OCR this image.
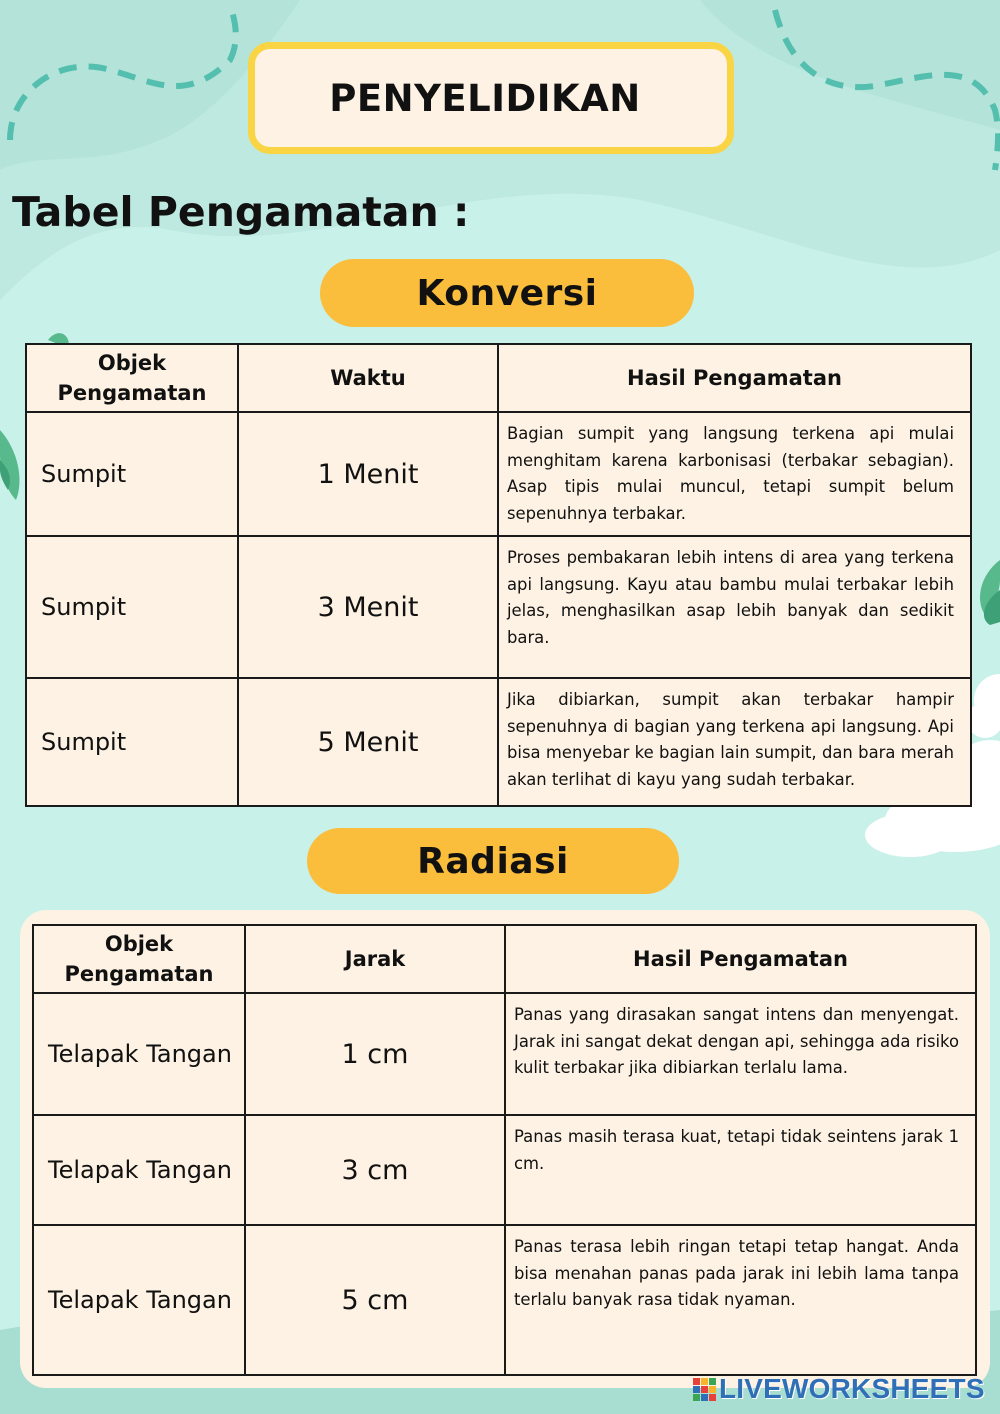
PENYELIDIKAN
Tabel Pengamatan :
Konversi
Objek
Pengamatan	Waktu	Hasil Pengamatan
Sumpit	1 Menit	Bagian sumpit yang langsung terkena api mulai menghitam karena karbonisasi (terbakar sebagian). Asap tipis mulai muncul, tetapi sumpit belum sepenuhnya terbakar.
Sumpit	3 Menit	Proses pembakaran lebih intens di area yang terkena api langsung. Kayu atau bambu mulai terbakar lebih jelas, menghasilkan asap lebih banyak dan sedikit bara.
Sumpit	5 Menit	Jika dibiarkan, sumpit akan terbakar hampir sepenuhnya di bagian yang terkena api langsung. Api bisa menyebar ke bagian lain sumpit, dan bara merah akan terlihat di kayu yang sudah terbakar.
Radiasi
Objek
Pengamatan	Jarak	Hasil Pengamatan
Telapak Tangan	1 cm	Panas yang dirasakan sangat intens dan menyengat. Jarak ini sangat dekat dengan api, sehingga ada risiko kulit terbakar jika dibiarkan terlalu lama.
Telapak Tangan	3 cm	Panas masih terasa kuat, tetapi tidak seintens jarak 1 cm.
Telapak Tangan	5 cm	Panas terasa lebih ringan tetapi tetap hangat. Anda bisa menahan panas pada jarak ini lebih lama tanpa terlalu banyak rasa tidak nyaman.
LIVEWORKSHEETS
